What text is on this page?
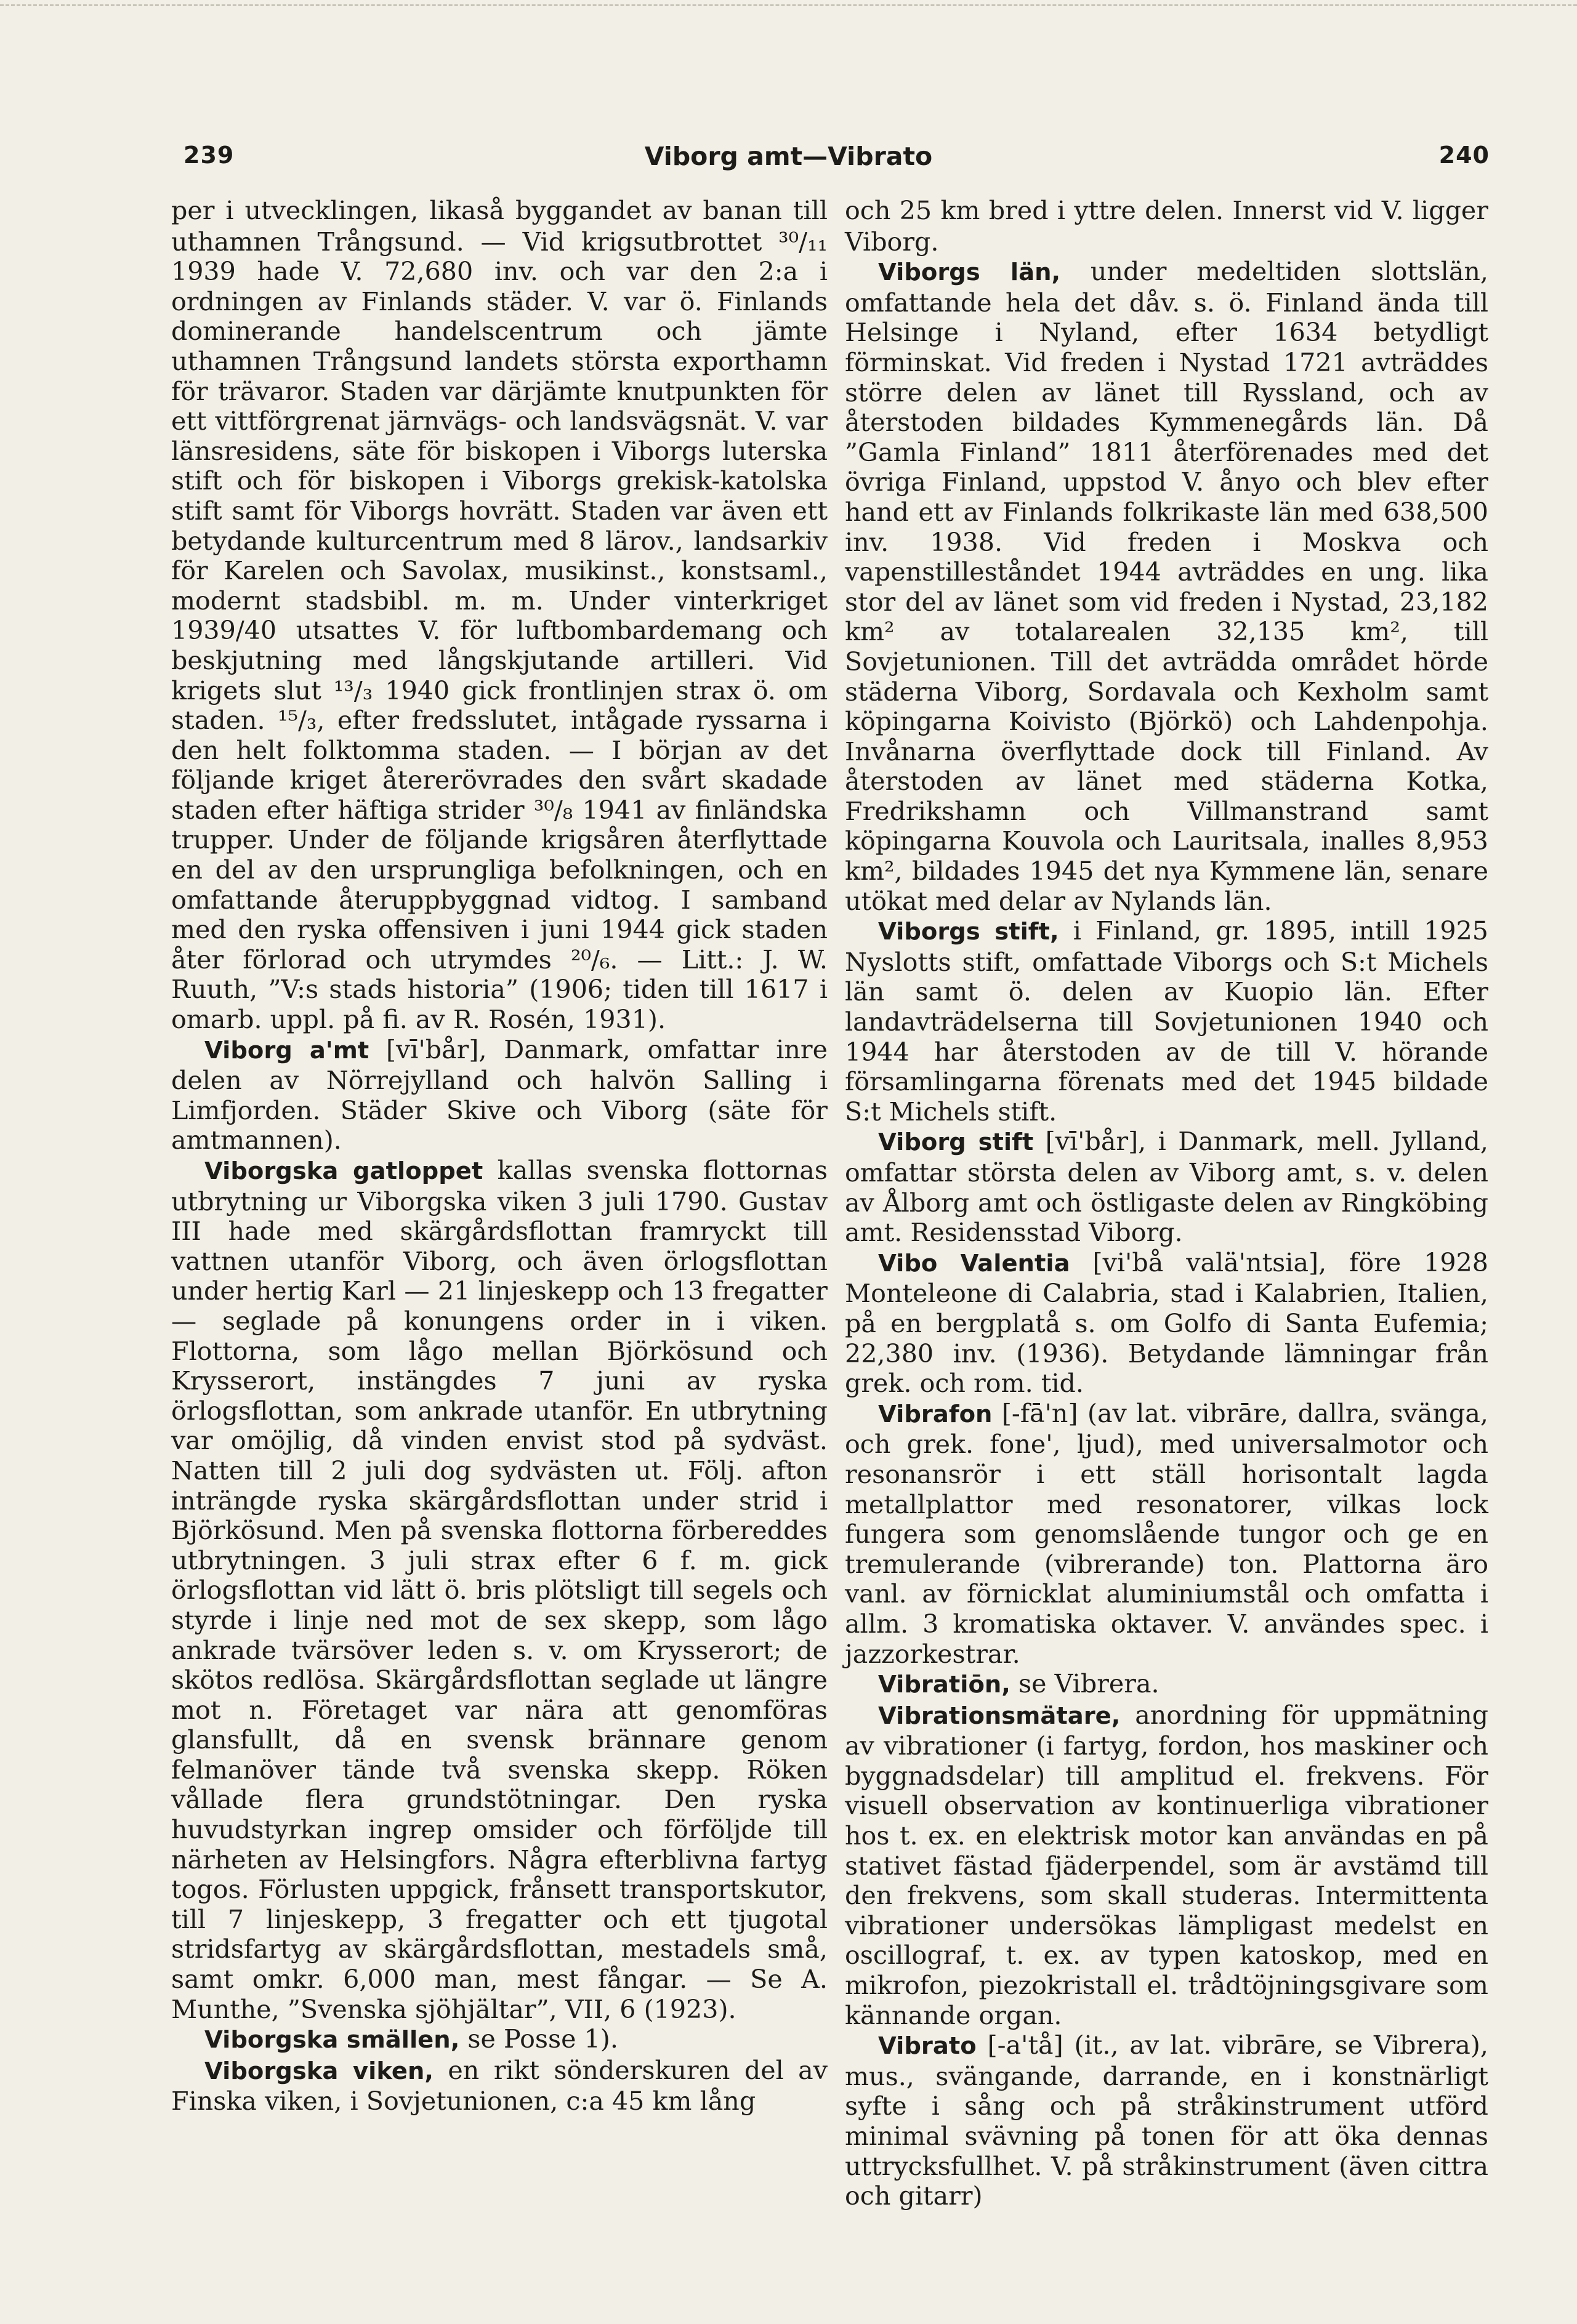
239	Viborg amt—Vibrato	240

per i utvecklingen, likaså byggandet av banan till uthamnen Trångsund. — Vid krigsutbrottet ³⁰/₁₁ 1939 hade V. 72,680 inv. och var den 2:a i ordningen av Finlands städer. V. var ö. Finlands dominerande handelscentrum och jämte uthamnen Trångsund landets största exporthamn för trävaror. Staden var därjämte knutpunkten för ett vittförgrenat järnvägs- och landsvägsnät. V. var länsresidens, säte för biskopen i Viborgs luterska stift och för biskopen i Viborgs grekisk-katolska stift samt för Viborgs hovrätt. Staden var även ett betydande kulturcentrum med 8 lärov., landsarkiv för Karelen och Savolax, musikinst., konstsaml., modernt stadsbibl. m. m. Under vinterkriget 1939/40 utsattes V. för luftbombardemang och beskjutning med långskjutande artilleri. Vid krigets slut ¹³/₃ 1940 gick frontlinjen strax ö. om staden. ¹⁵/₃, efter fredsslutet, intågade ryssarna i den helt folktomma staden. — I början av det följande kriget återerövrades den svårt skadade staden efter häftiga strider ³⁰/₈ 1941 av finländska trupper. Under de följande krigsåren återflyttade en del av den ursprungliga befolkningen, och en omfattande återuppbyggnad vidtog. I samband med den ryska offensiven i juni 1944 gick staden åter förlorad och utrymdes ²⁰/₆. — Litt.: J. W. Ruuth, ”V:s stads historia” (1906; tiden till 1617 i omarb. uppl. på fi. av R. Rosén, 1931).

Viborg a'mt [vī'bår], Danmark, omfattar inre delen av Nörrejylland och halvön Salling i Limfjorden. Städer Skive och Viborg (säte för amtmannen).

Viborgska gatloppet kallas svenska flottornas utbrytning ur Viborgska viken 3 juli 1790. Gustav III hade med skärgårdsflottan framryckt till vattnen utanför Viborg, och även örlogsflottan under hertig Karl — 21 linjeskepp och 13 fregatter — seglade på konungens order in i viken. Flottorna, som lågo mellan Björkösund och Krysserort, instängdes 7 juni av ryska örlogsflottan, som ankrade utanför. En utbrytning var omöjlig, då vinden envist stod på sydväst. Natten till 2 juli dog sydvästen ut. Följ. afton inträngde ryska skärgårdsflottan under strid i Björkösund. Men på svenska flottorna förbereddes utbrytningen. 3 juli strax efter 6 f. m. gick örlogsflottan vid lätt ö. bris plötsligt till segels och styrde i linje ned mot de sex skepp, som lågo ankrade tvärsöver leden s. v. om Krysserort; de skötos redlösa. Skärgårdsflottan seglade ut längre mot n. Företaget var nära att genomföras glansfullt, då en svensk brännare genom felmanöver tände två svenska skepp. Röken vållade flera grundstötningar. Den ryska huvudstyrkan ingrep omsider och förföljde till närheten av Helsingfors. Några efterblivna fartyg togos. Förlusten uppgick, frånsett transportskutor, till 7 linjeskepp, 3 fregatter och ett tjugotal stridsfartyg av skärgårdsflottan, mestadels små, samt omkr. 6,000 man, mest fångar. — Se A. Munthe, ”Svenska sjöhjältar”, VII, 6 (1923).

Viborgska smällen, se Posse 1).

Viborgska viken, en rikt sönderskuren del av Finska viken, i Sovjetunionen, c:a 45 km lång

och 25 km bred i yttre delen. Innerst vid V. ligger Viborg.

Viborgs län, under medeltiden slottslän, omfattande hela det dåv. s. ö. Finland ända till Helsinge i Nyland, efter 1634 betydligt förminskat. Vid freden i Nystad 1721 avträddes större delen av länet till Ryssland, och av återstoden bildades Kymmenegårds län. Då ”Gamla Finland” 1811 återförenades med det övriga Finland, uppstod V. ånyo och blev efter hand ett av Finlands folkrikaste län med 638,500 inv. 1938. Vid freden i Moskva och vapenstilleståndet 1944 avträddes en ung. lika stor del av länet som vid freden i Nystad, 23,182 km² av totalarealen 32,135 km², till Sovjetunionen. Till det avträdda området hörde städerna Viborg, Sordavala och Kexholm samt köpingarna Koivisto (Björkö) och Lahdenpohja. Invånarna överflyttade dock till Finland. Av återstoden av länet med städerna Kotka, Fredrikshamn och Villmanstrand samt köpingarna Kouvola och Lauritsala, inalles 8,953 km², bildades 1945 det nya Kymmene län, senare utökat med delar av Nylands län.

Viborgs stift, i Finland, gr. 1895, intill 1925 Nyslotts stift, omfattade Viborgs och S:t Michels län samt ö. delen av Kuopio län. Efter landavträdelserna till Sovjetunionen 1940 och 1944 har återstoden av de till V. hörande församlingarna förenats med det 1945 bildade S:t Michels stift.

Viborg stift [vī'bår], i Danmark, mell. Jylland, omfattar största delen av Viborg amt, s. v. delen av Ålborg amt och östligaste delen av Ringköbing amt. Residensstad Viborg.

Vibo Valentia [vi'bå valä'ntsia], före 1928 Monteleone di Calabria, stad i Kalabrien, Italien, på en bergplatå s. om Golfo di Santa Eufemia; 22,380 inv. (1936). Betydande lämningar från grek. och rom. tid.

Vibrafon [-fā'n] (av lat. vibrāre, dallra, svänga, och grek. fone', ljud), med universalmotor och resonansrör i ett ställ horisontalt lagda metallplattor med resonatorer, vilkas lock fungera som genomslående tungor och ge en tremulerande (vibrerande) ton. Plattorna äro vanl. av förnicklat aluminiumstål och omfatta i allm. 3 kromatiska oktaver. V. användes spec. i jazzorkestrar.

Vibratiōn, se Vibrera.

Vibrationsmätare, anordning för uppmätning av vibrationer (i fartyg, fordon, hos maskiner och byggnadsdelar) till amplitud el. frekvens. För visuell observation av kontinuerliga vibrationer hos t. ex. en elektrisk motor kan användas en på stativet fästad fjäderpendel, som är avstämd till den frekvens, som skall studeras. Intermittenta vibrationer undersökas lämpligast medelst en oscillograf, t. ex. av typen katoskop, med en mikrofon, piezokristall el. trådtöjningsgivare som kännande organ.

Vibrato [-a'tå] (it., av lat. vibrāre, se Vibrera), mus., svängande, darrande, en i konstnärligt syfte i sång och på stråkinstrument utförd minimal svävning på tonen för att öka dennas uttrycksfullhet. V. på stråkinstrument (även cittra och gitarr)
